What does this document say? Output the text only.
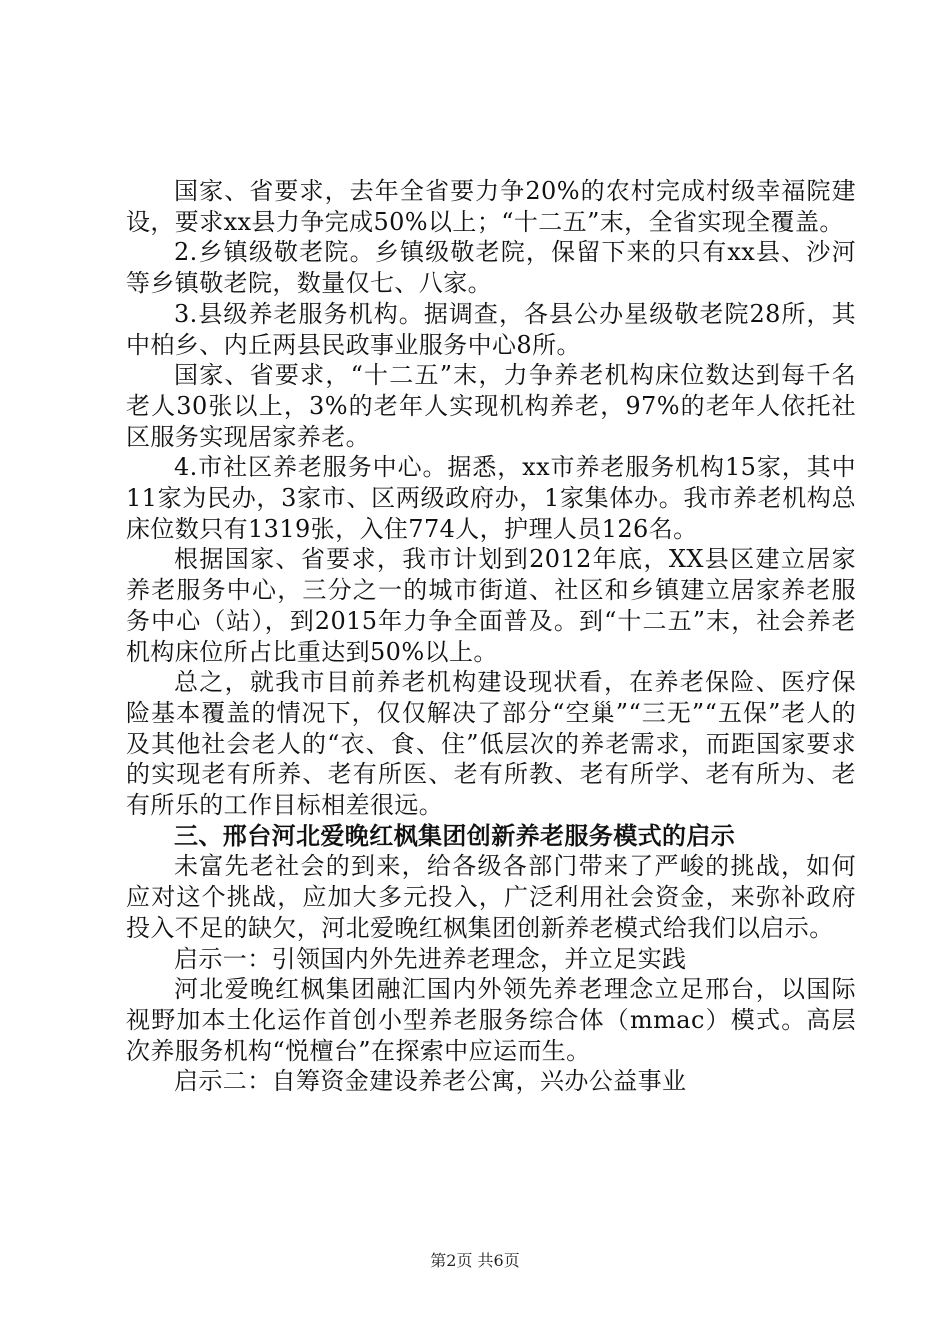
国家、省要求，去年全省要力争20%的农村完成村级幸福院建设，要求xx县力争完成50%以上；“十二五”末，全省实现全覆盖。

2.乡镇级敬老院。乡镇级敬老院，保留下来的只有xx县、沙河等乡镇敬老院，数量仅七、八家。

3.县级养老服务机构。据调查，各县公办星级敬老院28所，其中柏乡、内丘两县民政事业服务中心8所。

国家、省要求，“十二五”末，力争养老机构床位数达到每千名老人30张以上，3%的老年人实现机构养老，97%的老年人依托社区服务实现居家养老。

4.市社区养老服务中心。据悉，xx市养老服务机构15家，其中11家为民办，3家市、区两级政府办，1家集体办。我市养老机构总床位数只有1319张，入住774人，护理人员126名。

根据国家、省要求，我市计划到2012年底，XX县区建立居家养老服务中心，三分之一的城市街道、社区和乡镇建立居家养老服务中心（站），到2015年力争全面普及。到“十二五”末，社会养老机构床位所占比重达到50%以上。

总之，就我市目前养老机构建设现状看，在养老保险、医疗保险基本覆盖的情况下，仅仅解决了部分“空巢”“三无”“五保”老人的及其他社会老人的“衣、食、住”低层次的养老需求，而距国家要求的实现老有所养、老有所医、老有所教、老有所学、老有所为、老有所乐的工作目标相差很远。

三、邢台河北爱晚红枫集团创新养老服务模式的启示

未富先老社会的到来，给各级各部门带来了严峻的挑战，如何应对这个挑战，应加大多元投入，广泛利用社会资金，来弥补政府投入不足的缺欠，河北爱晚红枫集团创新养老模式给我们以启示。

启示一：引领国内外先进养老理念，并立足实践

河北爱晚红枫集团融汇国内外领先养老理念立足邢台，以国际视野加本土化运作首创小型养老服务综合体（mmac）模式。高层次养服务机构“悦檀台”在探索中应运而生。

启示二：自筹资金建设养老公寓，兴办公益事业

第2页 共6页
